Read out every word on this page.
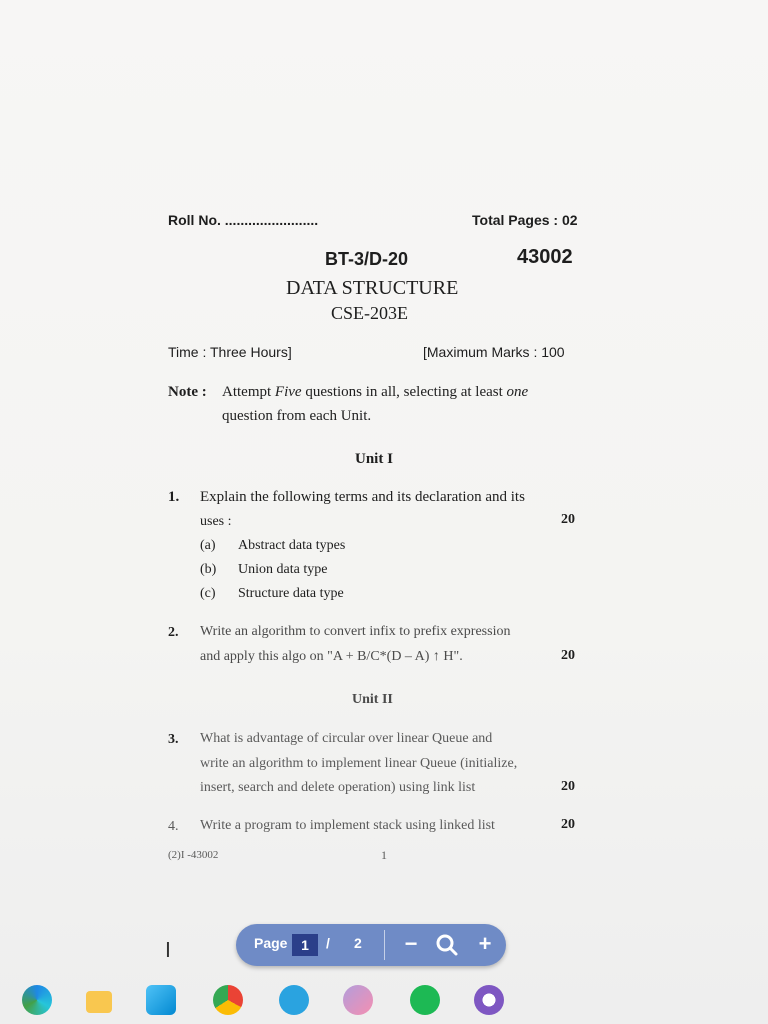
Roll No. ........................	Total Pages : 02
BT-3/D-20	43002
DATA STRUCTURE
CSE-203E
Time : Three Hours]	[Maximum Marks : 100
Note : Attempt Five questions in all, selecting at least one
question from each Unit.
Unit I
1. Explain the following terms and its declaration and its
uses :	20
(a) Abstract data types
(b) Union data type
(c) Structure data type
2. Write an algorithm to convert infix to prefix expression
and apply this algo on "A + B/C*(D – A) ↑ H".	20
Unit II
3. What is advantage of circular over linear Queue and
write an algorithm to implement linear Queue (initialize,
insert, search and delete operation) using link list	20
4. Write a program to implement stack using linked list	20
(2)I -43002	1
I	Page 1	/ 2	−	+
